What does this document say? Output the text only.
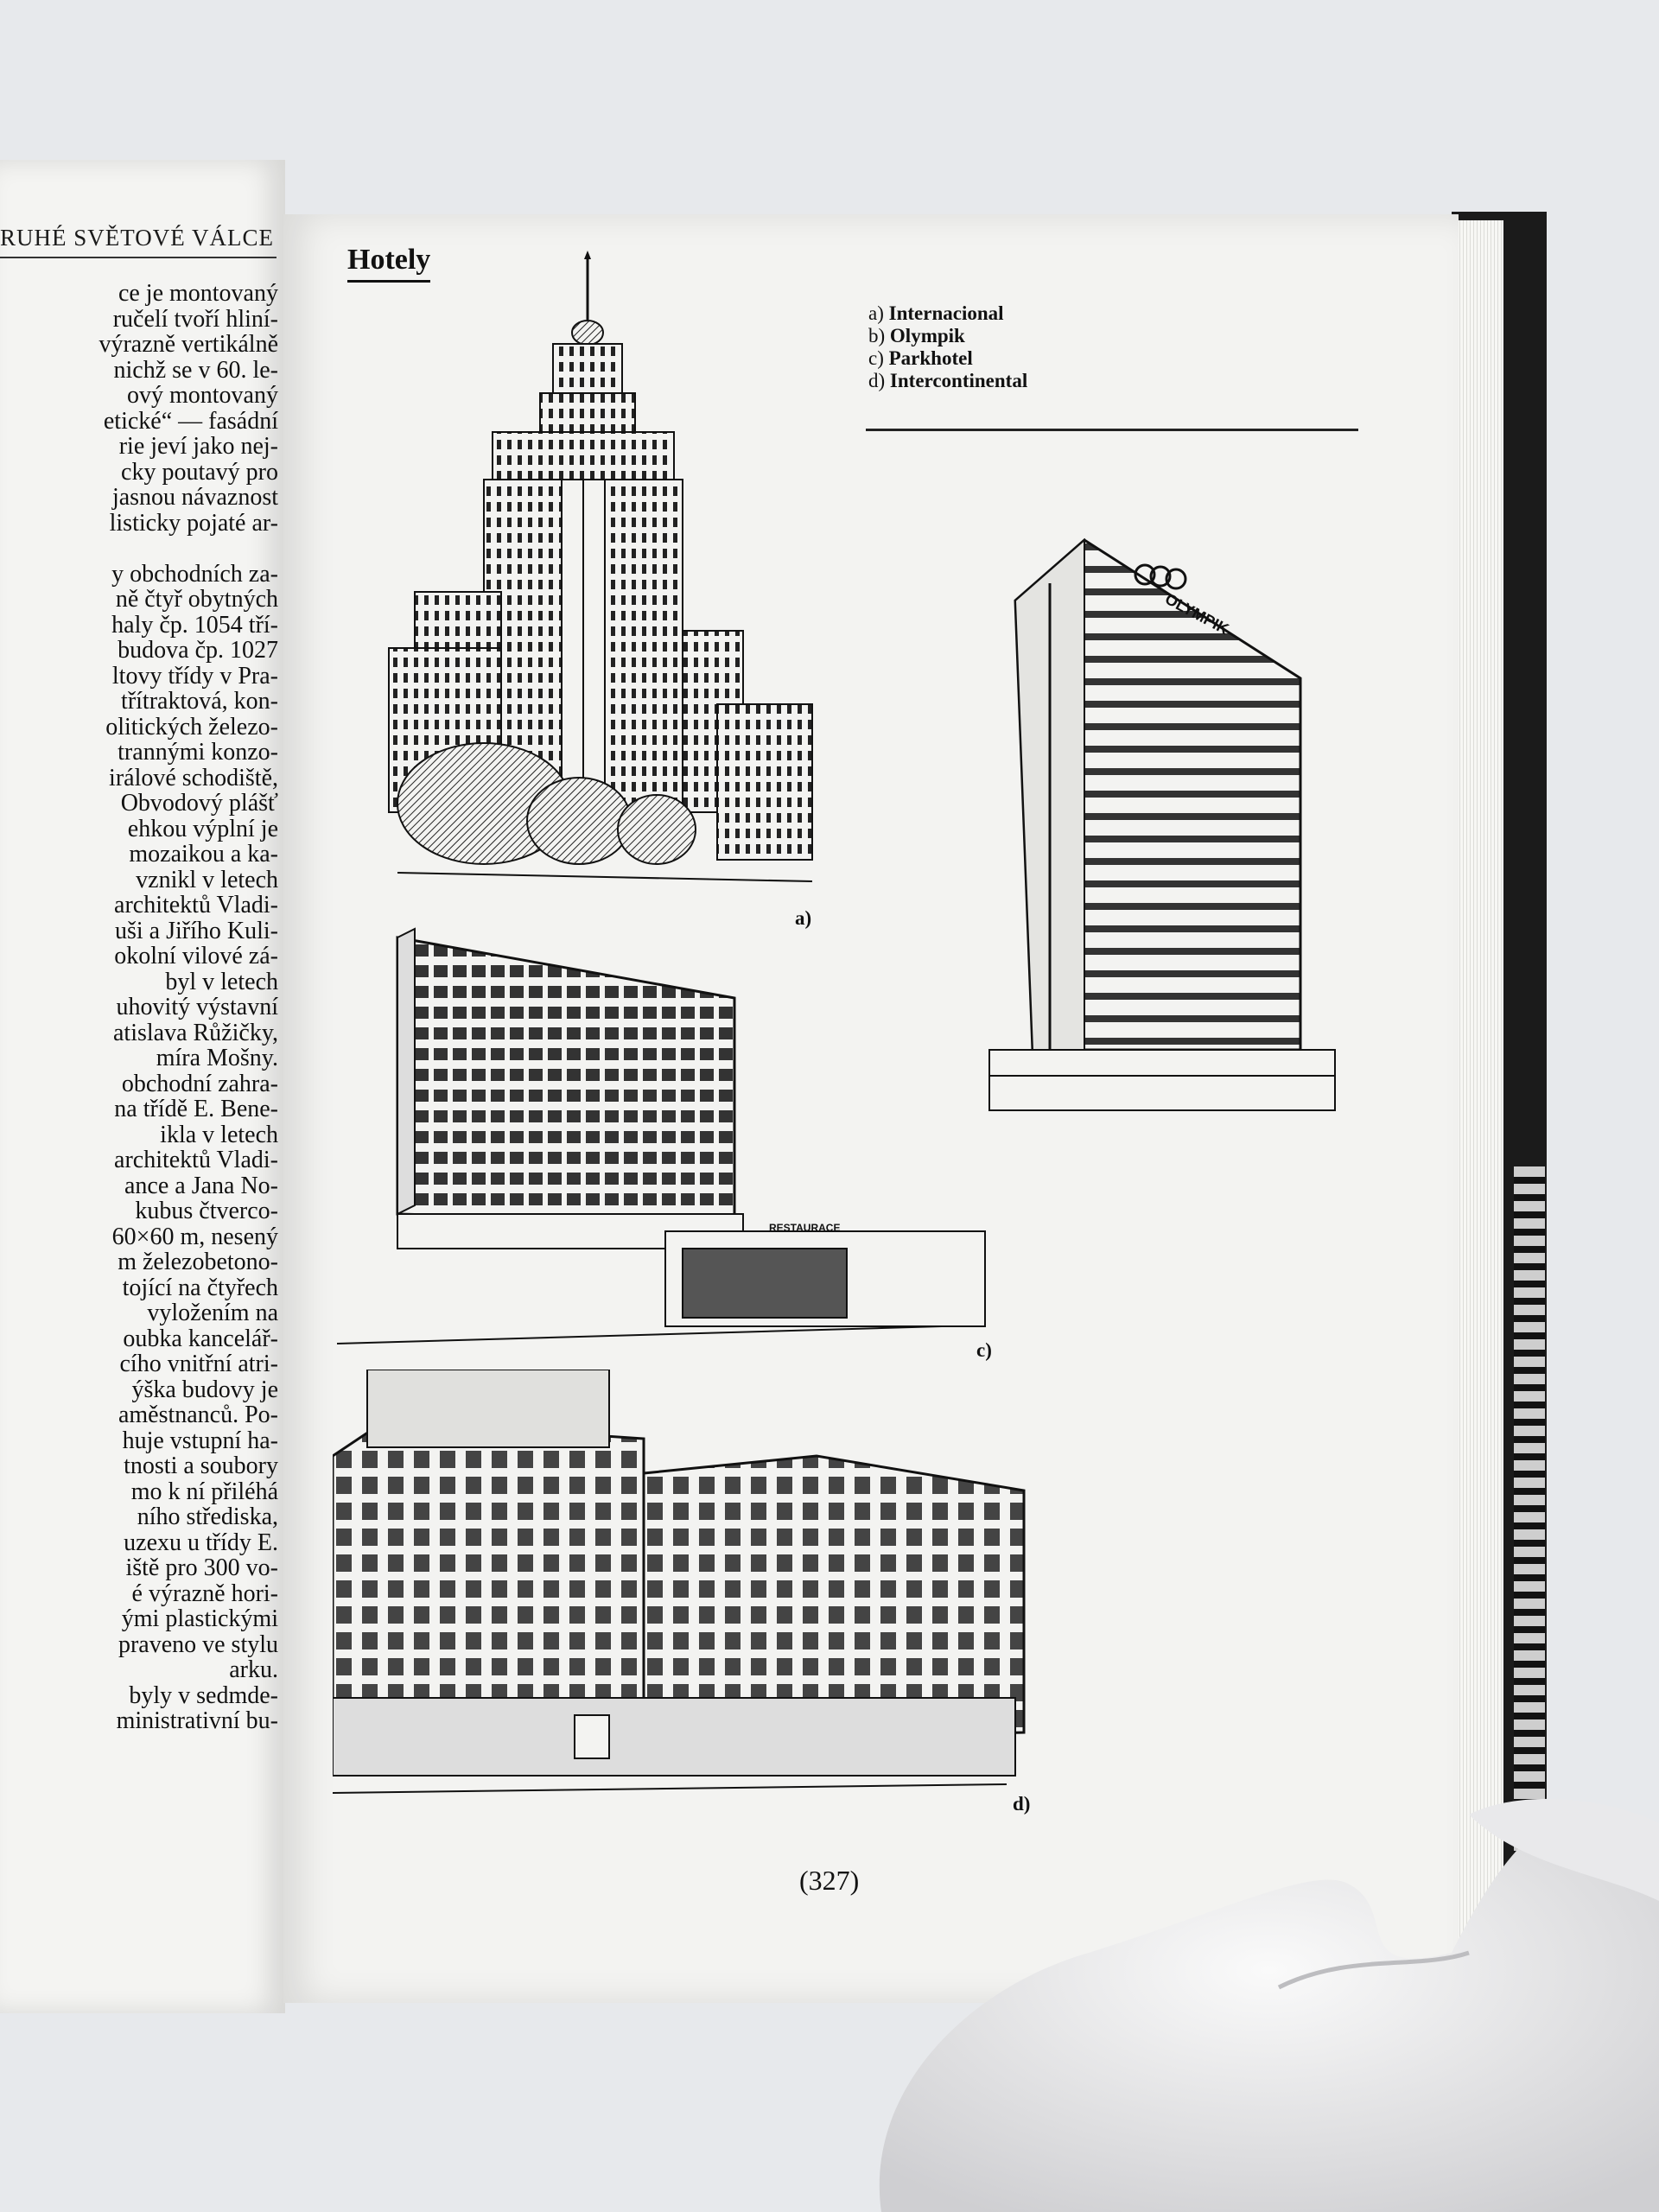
RUHÉ SVĚTOVÉ VÁLCE
ce je montovaný
ručelí tvoří hliní-
výrazně vertikálně
nichž se v 60. le-
ový montovaný
etické“ — fasádní
rie jeví jako nej-
cky poutavý pro
jasnou návaznost
listicky pojaté ar-

y obchodních za-
ně čtyř obytných
haly čp. 1054 tří-
budova čp. 1027
ltovy třídy v Pra-
třítraktová, kon-
olitických železo-
trannými konzo-
irálové schodiště,
Obvodový plášť
ehkou výplní je
mozaikou a ka-
vznikl v letech
architektů Vladi-
uši a Jiřího Kuli-
okolní vilové zá-
byl v letech
uhovitý výstavní
atislava Růžičky,
míra Mošny.
obchodní zahra-
na třídě E. Bene-
ikla v letech
architektů Vladi-
ance a Jana No-
kubus čtverco-
60×60 m, nesený
m železobetono-
tojící na čtyřech
vyložením na
oubka kancelář-
cího vnitřní atri-
ýška budovy je
aměstnanců. Po-
huje vstupní ha-
tnosti a soubory
mo k ní přiléhá
ního střediska,
uzexu u třídy E.
iště pro 300 vo-
é výrazně hori-
ými plastickými
praveno ve stylu
arku.
byly v sedmde-
ministrativní bu-
Hotely
a) Internacional
b) Olympik
c) Parkhotel
d) Intercontinental
a)
OLYMPIK
RESTAURACE
c)
d)
(327)
